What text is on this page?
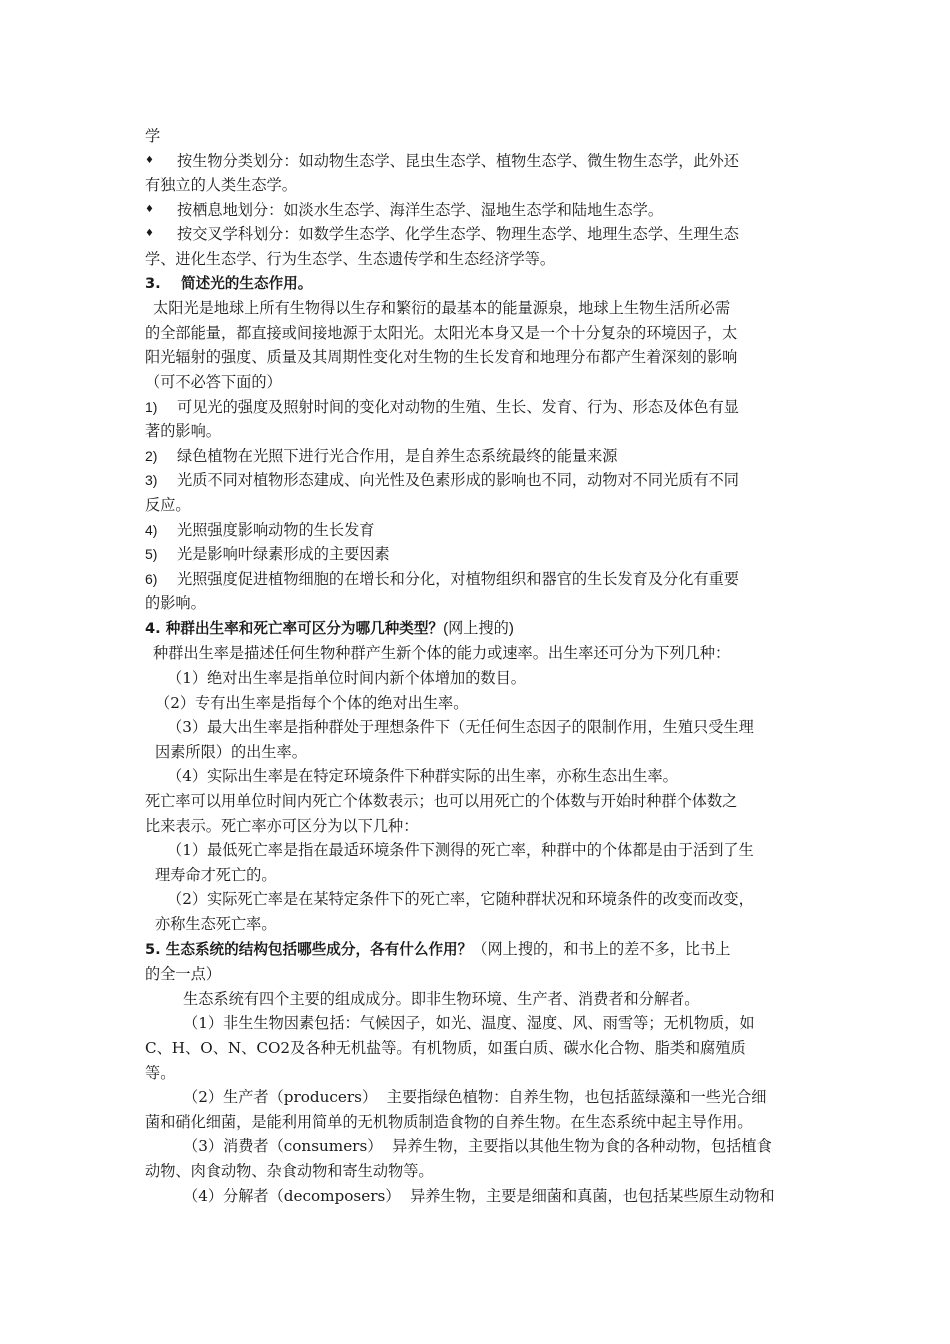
学

♦ 按生物分类划分：如动物生态学、昆虫生态学、植物生态学、微生物生态学，此外还

有独立的人类生态学。

♦ 按栖息地划分：如淡水生态学、海洋生态学、湿地生态学和陆地生态学。

♦ 按交叉学科划分：如数学生态学、化学生态学、物理生态学、地理生态学、生理生态

学、进化生态学、行为生态学、生态遗传学和生态经济学等。

3.    简述光的生态作用。

太阳光是地球上所有生物得以生存和繁衍的最基本的能量源泉，地球上生物生活所必需

的全部能量，都直接或间接地源于太阳光。太阳光本身又是一个十分复杂的环境因子，太

阳光辐射的强度、质量及其周期性变化对生物的生长发育和地理分布都产生着深刻的影响

（可不必答下面的）

1) 可见光的强度及照射时间的变化对动物的生殖、生长、发育、行为、形态及体色有显

著的影响。

2) 绿色植物在光照下进行光合作用，是自养生态系统最终的能量来源

3) 光质不同对植物形态建成、向光性及色素形成的影响也不同，动物对不同光质有不同

反应。

4) 光照强度影响动物的生长发育

5) 光是影响叶绿素形成的主要因素

6) 光照强度促进植物细胞的在增长和分化，对植物组织和器官的生长发育及分化有重要

的影响。

4. 种群出生率和死亡率可区分为哪几种类型？(网上搜的)

种群出生率是描述任何生物种群产生新个体的能力或速率。出生率还可分为下列几种：

（1）绝对出生率是指单位时间内新个体增加的数目。

（2）专有出生率是指每个个体的绝对出生率。

（3）最大出生率是指种群处于理想条件下（无任何生态因子的限制作用，生殖只受生理

因素所限）的出生率。

（4）实际出生率是在特定环境条件下种群实际的出生率，亦称生态出生率。

死亡率可以用单位时间内死亡个体数表示；也可以用死亡的个体数与开始时种群个体数之

比来表示。死亡率亦可区分为以下几种：

（1）最低死亡率是指在最适环境条件下测得的死亡率，种群中的个体都是由于活到了生

理寿命才死亡的。

（2）实际死亡率是在某特定条件下的死亡率，它随种群状况和环境条件的改变而改变，

亦称生态死亡率。

5. 生态系统的结构包括哪些成分，各有什么作用？（网上搜的，和书上的差不多，比书上

的全一点）

生态系统有四个主要的组成成分。即非生物环境、生产者、消费者和分解者。

（1）非生生物因素包括：气候因子，如光、温度、湿度、风、雨雪等；无机物质，如

C、H、O、N、CO2及各种无机盐等。有机物质，如蛋白质、碳水化合物、脂类和腐殖质

等。

（2）生产者（producers）  主要指绿色植物：自养生物，也包括蓝绿藻和一些光合细

菌和硝化细菌，是能利用简单的无机物质制造食物的自养生物。在生态系统中起主导作用。

（3）消费者（consumers）  异养生物，主要指以其他生物为食的各种动物，包括植食

动物、肉食动物、杂食动物和寄生动物等。

（4）分解者（decomposers）  异养生物，主要是细菌和真菌，也包括某些原生动物和
